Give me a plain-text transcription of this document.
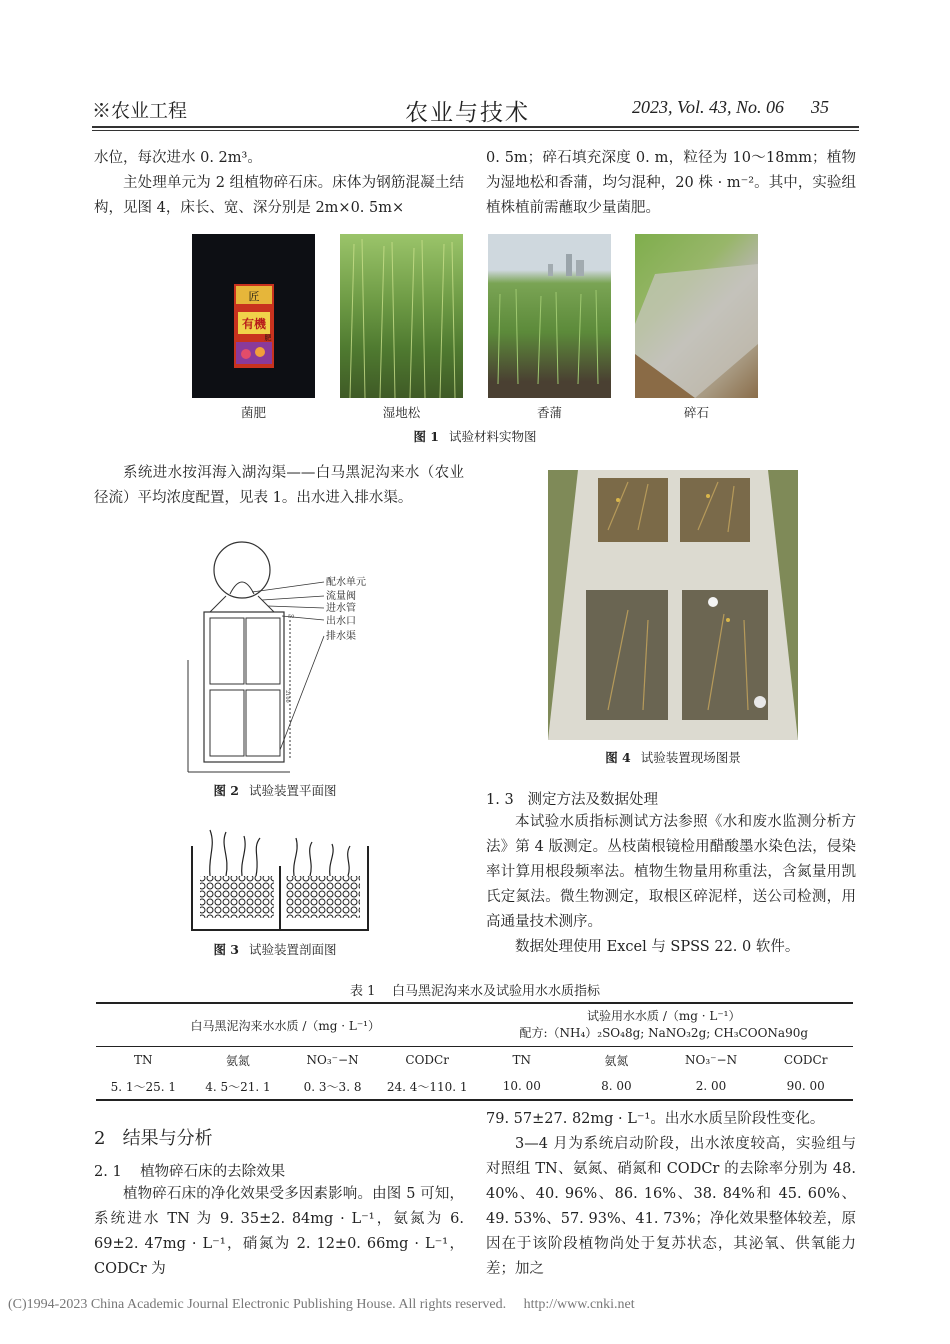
※农业工程	农业与技术	2023, Vol. 43, No. 06      35

水位，每次进水 0. 2m³。

主处理单元为 2 组植物碎石床。床体为钢筋混凝土结构，见图 4，床长、宽、深分别是 2m×0. 5m×

0. 5m；碎石填充深度 0. m，粒径为 10～18mm；植物为湿地松和香蒲，均匀混种，20 株 · m⁻²。其中，实验组植株植前需蘸取少量菌肥。

匠
有機
肥
菌肥	湿地松	香蒲	碎石
图 1 试验材料实物图

系统进水按洱海入湖沟渠——白马黑泥沟来水（农业径流）平均浓度配置，见表 1。出水进入排水渠。

50
2100
配水单元
流量阀
进水管
出水口
排水渠
图 2 试验装置平面图
图 3 试验装置剖面图
图 4 试验装置现场图景
1. 3   测定方法及数据处理

本试验水质指标测试方法参照《水和废水监测分析方法》第 4 版测定。丛枝菌根镜检用醋酸墨水染色法，侵染率计算用根段频率法。植物生物量用称重法，含氮量用凯氏定氮法。微生物测定，取根区碎泥样，送公司检测，用高通量技术测序。

数据处理使用 Excel 与 SPSS 22. 0 软件。

表 1    白马黑泥沟来水及试验用水水质指标
白马黑泥沟来水水质 /（mg · L⁻¹）				试验用水水质 /（mg · L⁻¹）
配方:（NH₄）₂SO₄8g; NaNO₃2g; CH₃COONa90g			

TN	氨氮	NO₃⁻−N	CODCr	TN	氨氮	NO₃⁻−N	CODCr
5. 1～25. 1	4. 5～21. 1	0. 3～3. 8	24. 4～110. 1	10. 00	8. 00	2. 00	90. 00
2   结果与分析
2. 1    植物碎石床的去除效果

植物碎石床的净化效果受多因素影响。由图 5 可知，系统进水 TN 为 9. 35±2. 84mg · L⁻¹，氨氮为 6. 69±2. 47mg · L⁻¹，硝氮为 2. 12±0. 66mg · L⁻¹，CODCr 为

79. 57±27. 82mg · L⁻¹。出水水质呈阶段性变化。

3—4 月为系统启动阶段，出水浓度较高，实验组与对照组 TN、氨氮、硝氮和 CODCr 的去除率分别为 48. 40%、40. 96%、86. 16%、38. 84%和 45. 60%、49. 53%、57. 93%、41. 73%；净化效果整体较差，原因在于该阶段植物尚处于复苏状态，其泌氧、供氧能力差；加之

(C)1994-2023 China Academic Journal Electronic Publishing House. All rights reserved.     http://www.cnki.net
